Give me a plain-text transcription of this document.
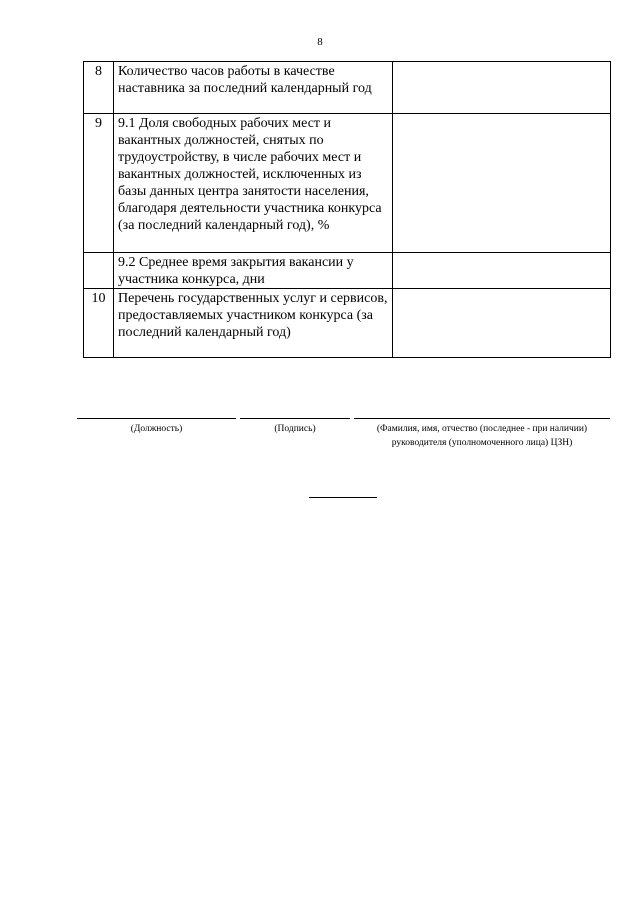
8
8	Количество часов работы в качестве наставника за последний календарный год	
9	9.1 Доля свободных рабочих мест и вакантных должностей, снятых по трудоустройству, в числе рабочих мест и вакантных должностей, исключенных из базы данных центра занятости населения, благодаря деятельности участника конкурса (за последний календарный год), %	
	9.2 Среднее время закрытия вакансии у участника конкурса, дни	
10	Перечень государственных услуг и сервисов, предоставляемых участником конкурса (за последний календарный год)	
(Должность)	(Подпись)	(Фамилия, имя, отчество (последнее - при наличии)
руководителя (уполномоченного лица) ЦЗН)
